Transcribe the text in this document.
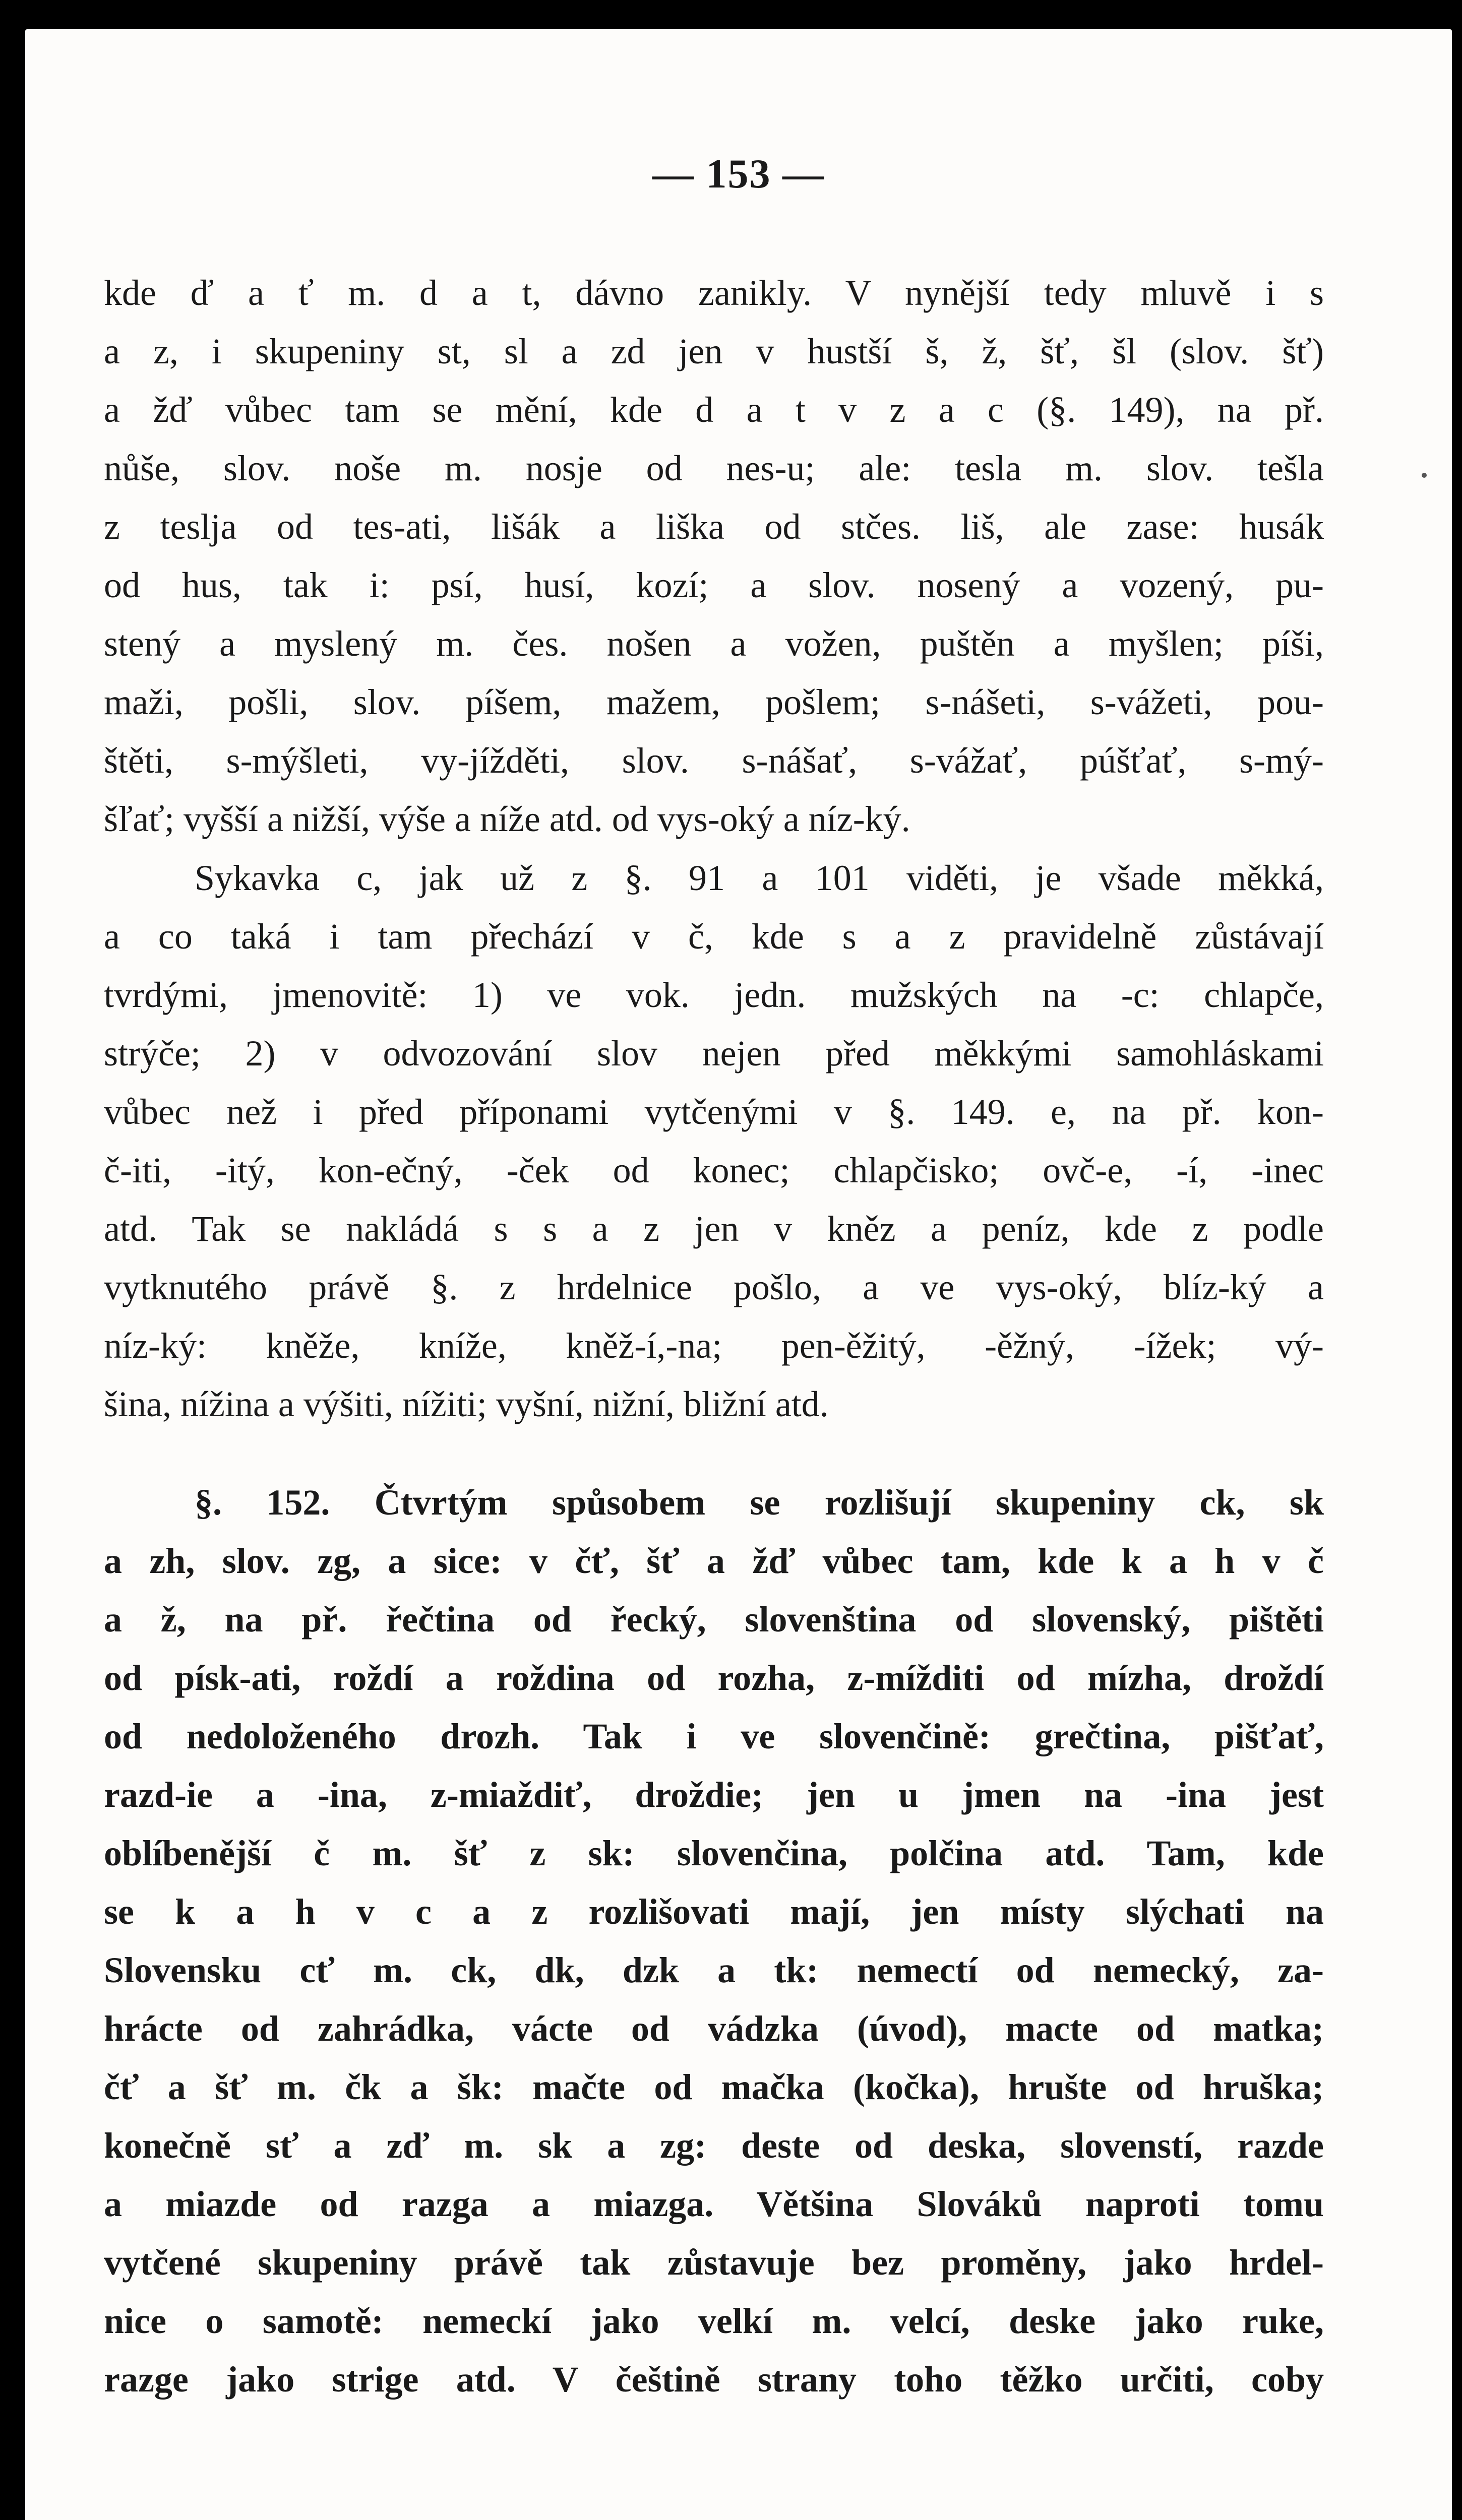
— 153 —
kde ď a ť m. d a t, dávno zanikly. V nynější tedy mluvě i s
a z, i skupeniny st, sl a zd jen v hustší š, ž, šť, šl (slov. šť)
a žď vůbec tam se mění, kde d a t v z a c (§. 149), na př.
nůše, slov. noše m. nosje od nes-u; ale: tesla m. slov. tešla
z teslja od tes-ati, lišák a liška od stčes. liš, ale zase: husák
od hus, tak i: psí, husí, kozí; a slov. nosený a vozený, pu-
stený a myslený m. čes. nošen a vožen, puštěn a myšlen; píši,
maži, pošli, slov. píšem, mažem, pošlem; s-nášeti, s-vážeti, pou-
štěti, s-mýšleti, vy-jížděti, slov. s-nášať, s-vážať, púšťať, s-mý-
šľať; vyšší a nižší, výše a níže atd. od vys-oký a níz-ký.
Sykavka c, jak už z §. 91 a 101 viděti, je všade měkká,
a co taká i tam přechází v č, kde s a z pravidelně zůstávají
tvrdými, jmenovitě: 1) ve vok. jedn. mužských na -c: chlapče,
strýče; 2) v odvozování slov nejen před měkkými samohláskami
vůbec než i před příponami vytčenými v §. 149. e, na př. kon-
č-iti, -itý, kon-ečný, -ček od konec; chlapčisko; ovč-e, -í, -inec
atd. Tak se nakládá s s a z jen v kněz a peníz, kde z podle
vytknutého právě §. z hrdelnice pošlo, a ve vys-oký, blíz-ký a
níz-ký: kněže, kníže, kněž-í,-na; pen-ěžitý, -ěžný, -ížek; vý-
šina, nížina a výšiti, nížiti; vyšní, nižní, bližní atd.
§. 152. Čtvrtým spůsobem se rozlišují skupeniny ck, sk
a zh, slov. zg, a sice: v čť, šť a žď vůbec tam, kde k a h v č
a ž, na př. řečtina od řecký, slovenština od slovenský, pištěti
od písk-ati, roždí a roždina od rozha, z-mížditi od mízha, droždí
od nedoloženého drozh. Tak i ve slovenčině: grečtina, pišťať,
razd-ie a -ina, z-miaždiť, droždie; jen u jmen na -ina jest
oblíbenější č m. šť z sk: slovenčina, polčina atd. Tam, kde
se k a h v c a z rozlišovati mají, jen místy slýchati na
Slovensku cť m. ck, dk, dzk a tk: nemectí od nemecký, za-
hrácte od zahrádka, vácte od vádzka (úvod), macte od matka;
čť a šť m. čk a šk: mačte od mačka (kočka), hrušte od hruška;
konečně sť a zď m. sk a zg: deste od deska, slovenstí, razde
a miazde od razga a miazga. Většina Slováků naproti tomu
vytčené skupeniny právě tak zůstavuje bez proměny, jako hrdel-
nice o samotě: nemeckí jako velkí m. velcí, deske jako ruke,
razge jako strige atd. V češtině strany toho těžko určiti, coby
